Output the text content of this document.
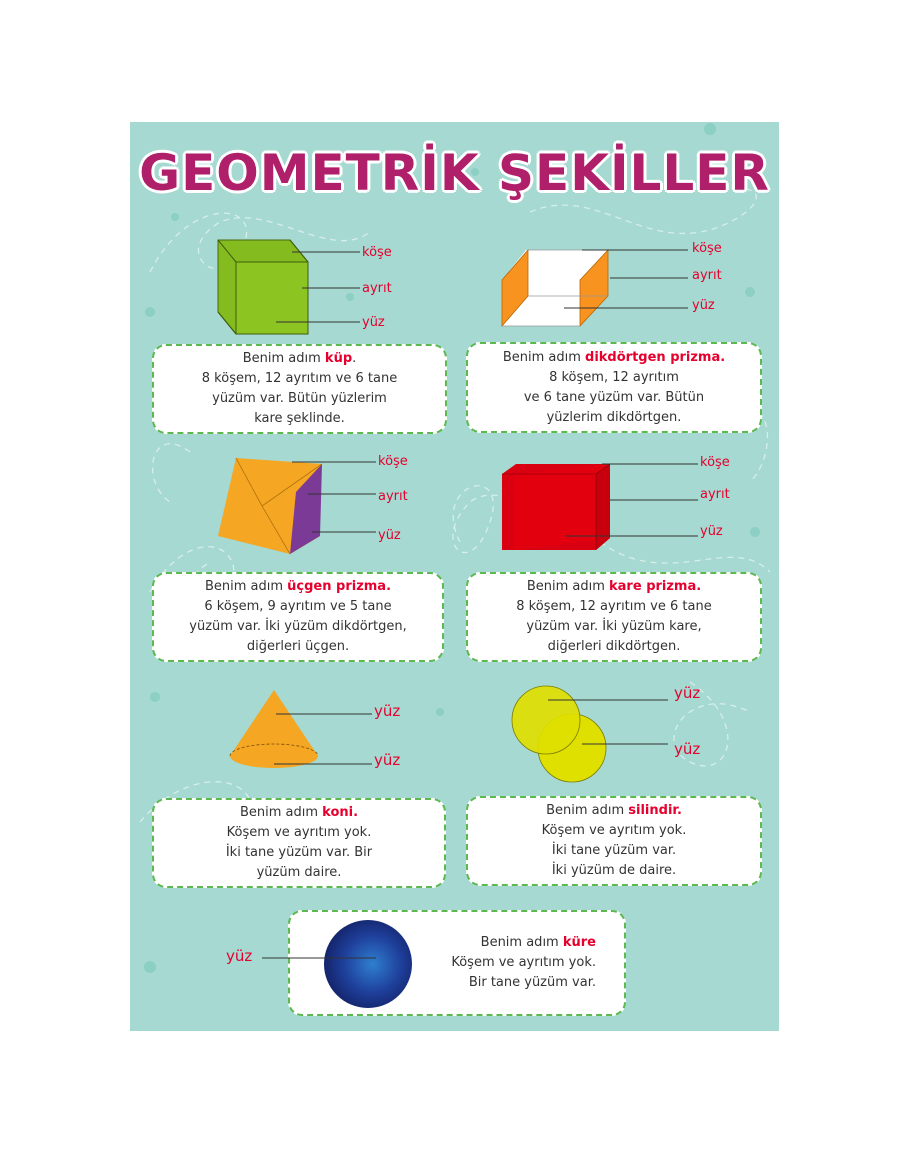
GEOMETRİK ŞEKİLLER
köşe
ayrıt
yüz
Benim adım küp.
8 köşem, 12 ayrıtım ve 6 tane
yüzüm var. Bütün yüzlerim
kare şeklinde.
köşe
ayrıt
yüz
Benim adım dikdörtgen prizma.
8 köşem, 12 ayrıtım
ve 6 tane yüzüm var. Bütün
yüzlerim dikdörtgen.
köşe
ayrıt
yüz
Benim adım üçgen prizma.
6 köşem, 9 ayrıtım ve 5 tane
yüzüm var. İki yüzüm dikdörtgen,
diğerleri üçgen.
köşe
ayrıt
yüz
Benim adım kare prizma.
8 köşem, 12 ayrıtım ve 6 tane
yüzüm var. İki yüzüm kare,
diğerleri dikdörtgen.
yüz
yüz
Benim adım koni.
Köşem ve ayrıtım yok.
İki tane yüzüm var. Bir
yüzüm daire.
yüz
yüz
Benim adım silindir.
Köşem ve ayrıtım yok.
İki tane yüzüm var.
İki yüzüm de daire.
Benim adım küre
Köşem ve ayrıtım yok.
Bir tane yüzüm var.
yüz
